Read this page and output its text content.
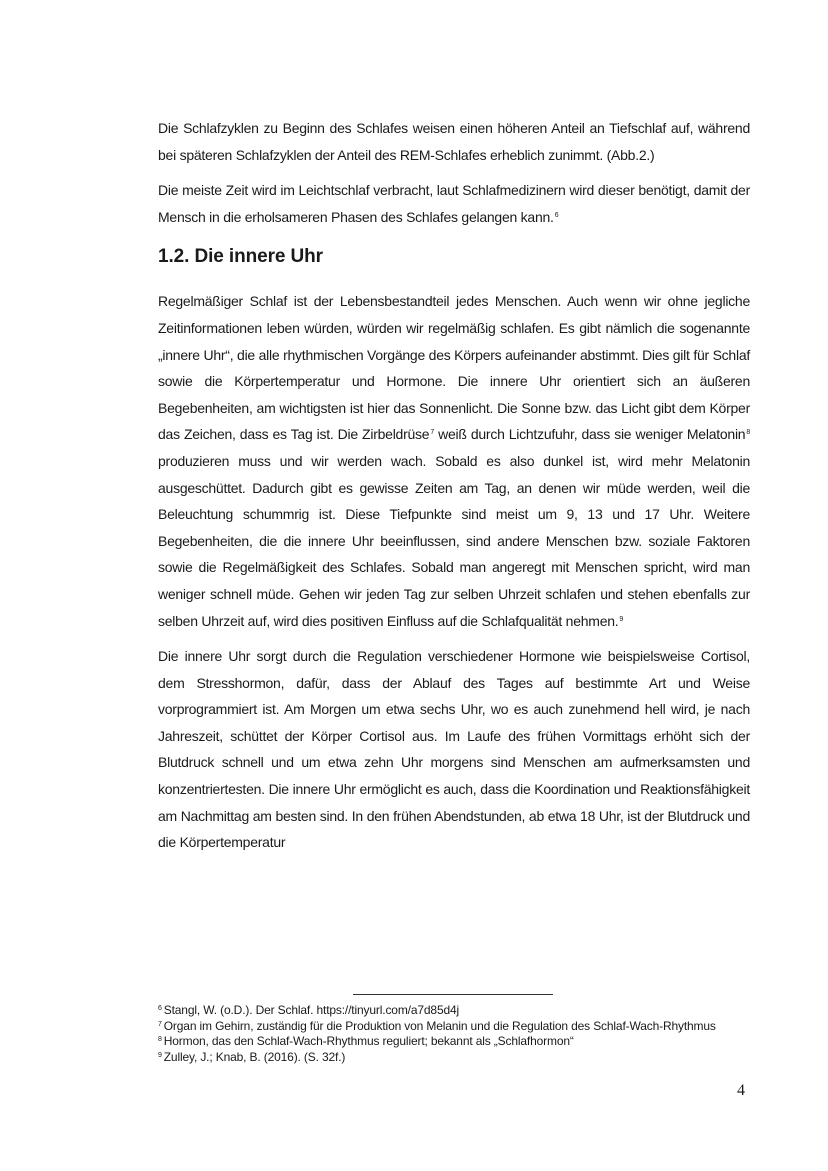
Die Schlafzyklen zu Beginn des Schlafes weisen einen höheren Anteil an Tiefschlaf auf, während bei späteren Schlafzyklen der Anteil des REM-Schlafes erheblich zunimmt. (Abb.2.)

Die meiste Zeit wird im Leichtschlaf verbracht, laut Schlafmedizinern wird dieser benötigt, damit der Mensch in die erholsameren Phasen des Schlafes gelangen kann.$^6$

1.2. Die innere Uhr

Regelmäßiger Schlaf ist der Lebensbestandteil jedes Menschen. Auch wenn wir ohne jegliche Zeitinformationen leben würden, würden wir regelmäßig schlafen. Es gibt nämlich die sogenannte „innere Uhr“, die alle rhythmischen Vorgänge des Körpers aufeinander abstimmt. Dies gilt für Schlaf sowie die Körpertemperatur und Hormone. Die innere Uhr orientiert sich an äußeren Begebenheiten, am wichtigsten ist hier das Sonnenlicht. Die Sonne bzw. das Licht gibt dem Körper das Zeichen, dass es Tag ist. Die Zirbeldrüse$^7$ weiß durch Lichtzufuhr, dass sie weniger Melatonin$^8$ produzieren muss und wir werden wach. Sobald es also dunkel ist, wird mehr Melatonin ausgeschüttet. Dadurch gibt es gewisse Zeiten am Tag, an denen wir müde werden, weil die Beleuchtung schummrig ist. Diese Tiefpunkte sind meist um 9, 13 und 17 Uhr. Weitere Begebenheiten, die die innere Uhr beeinflussen, sind andere Menschen bzw. soziale Faktoren sowie die Regelmäßigkeit des Schlafes. Sobald man angeregt mit Menschen spricht, wird man weniger schnell müde. Gehen wir jeden Tag zur selben Uhrzeit schlafen und stehen ebenfalls zur selben Uhrzeit auf, wird dies positiven Einfluss auf die Schlafqualität nehmen.$^9$

Die innere Uhr sorgt durch die Regulation verschiedener Hormone wie beispielsweise Cortisol, dem Stresshormon, dafür, dass der Ablauf des Tages auf bestimmte Art und Weise vorprogrammiert ist. Am Morgen um etwa sechs Uhr, wo es auch zunehmend hell wird, je nach Jahreszeit, schüttet der Körper Cortisol aus. Im Laufe des frühen Vormittags erhöht sich der Blutdruck schnell und um etwa zehn Uhr morgens sind Menschen am aufmerksamsten und konzentriertesten. Die innere Uhr ermöglicht es auch, dass die Koordination und Reaktionsfähigkeit am Nachmittag am besten sind. In den frühen Abendstunden, ab etwa 18 Uhr, ist der Blutdruck und die Körpertemperatur

$^6$ Stangl, W. (o.D.). Der Schlaf. https://tinyurl.com/a7d85d4j

$^7$ Organ im Gehirn, zuständig für die Produktion von Melanin und die Regulation des Schlaf-Wach-Rhythmus

$^8$ Hormon, das den Schlaf-Wach-Rhythmus reguliert; bekannt als „Schlafhormon“

$^9$ Zulley, J.; Knab, B. (2016). (S. 32f.)

4
